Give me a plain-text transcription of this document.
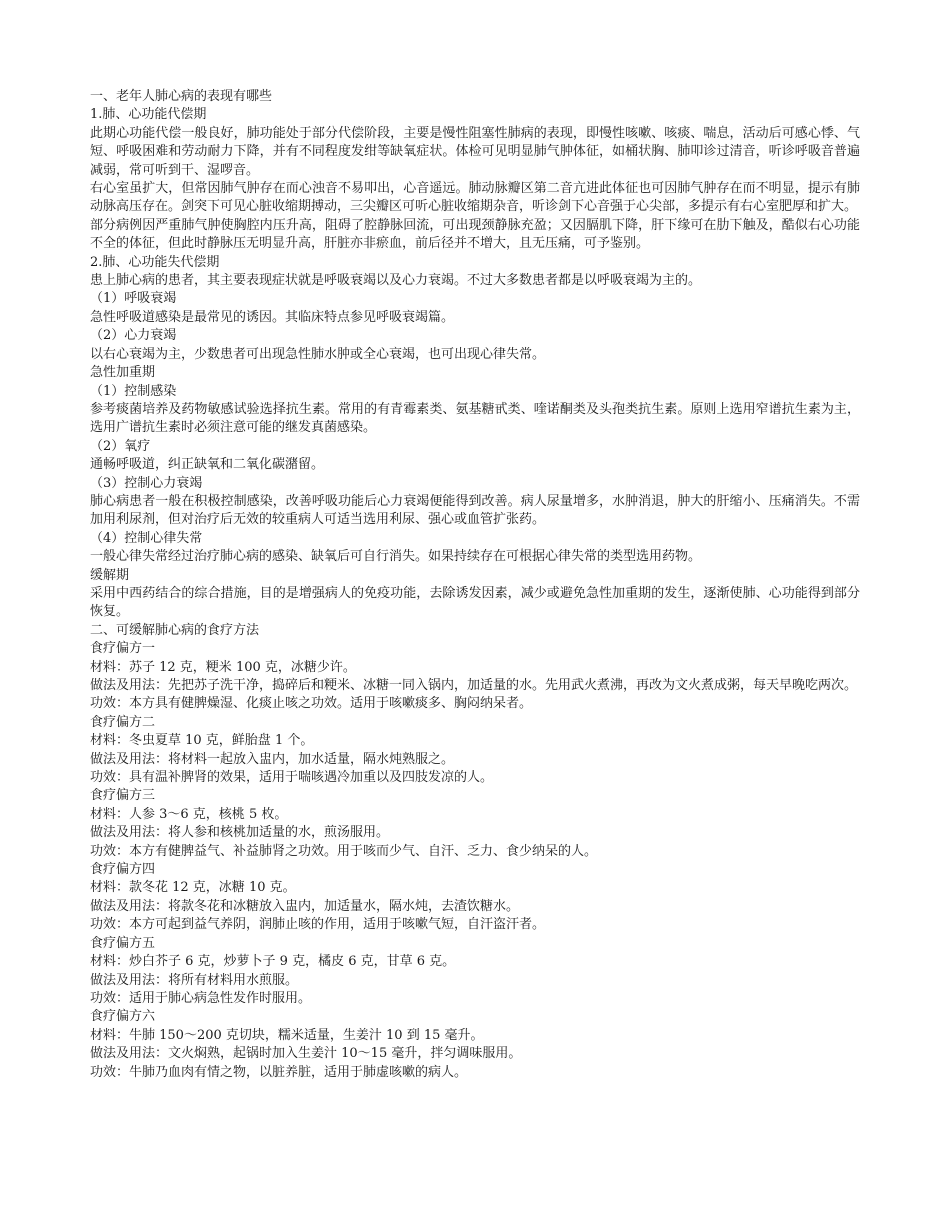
一、老年人肺心病的表现有哪些
1.肺、心功能代偿期
此期心功能代偿一般良好，肺功能处于部分代偿阶段，主要是慢性阻塞性肺病的表现，即慢性咳嗽、咳痰、喘息，活动后可感心悸、气短、呼吸困难和劳动耐力下降，并有不同程度发绀等缺氧症状。体检可见明显肺气肿体征，如桶状胸、肺叩诊过清音，听诊呼吸音普遍减弱，常可听到干、湿啰音。
右心室虽扩大，但常因肺气肿存在而心浊音不易叩出，心音遥远。肺动脉瓣区第二音亢进此体征也可因肺气肿存在而不明显，提示有肺动脉高压存在。剑突下可见心脏收缩期搏动，三尖瓣区可听心脏收缩期杂音，听诊剑下心音强于心尖部，多提示有右心室肥厚和扩大。
部分病例因严重肺气肿使胸腔内压升高，阻碍了腔静脉回流，可出现颈静脉充盈；又因膈肌下降，肝下缘可在肋下触及，酷似右心功能不全的体征，但此时静脉压无明显升高，肝脏亦非瘀血，前后径并不增大，且无压痛，可予鉴别。
2.肺、心功能失代偿期
患上肺心病的患者，其主要表现症状就是呼吸衰竭以及心力衰竭。不过大多数患者都是以呼吸衰竭为主的。
（1）呼吸衰竭
急性呼吸道感染是最常见的诱因。其临床特点参见呼吸衰竭篇。
（2）心力衰竭
以右心衰竭为主，少数患者可出现急性肺水肿或全心衰竭，也可出现心律失常。
急性加重期
（1）控制感染
参考痰菌培养及药物敏感试验选择抗生素。常用的有青霉素类、氨基糖甙类、喹诺酮类及头孢类抗生素。原则上选用窄谱抗生素为主，选用广谱抗生素时必须注意可能的继发真菌感染。
（2）氧疗
通畅呼吸道，纠正缺氧和二氧化碳潴留。
（3）控制心力衰竭
肺心病患者一般在积极控制感染，改善呼吸功能后心力衰竭便能得到改善。病人尿量增多，水肿消退，肿大的肝缩小、压痛消失。不需加用利尿剂，但对治疗后无效的较重病人可适当选用利尿、强心或血管扩张药。
（4）控制心律失常
一般心律失常经过治疗肺心病的感染、缺氧后可自行消失。如果持续存在可根据心律失常的类型选用药物。
缓解期
采用中西药结合的综合措施，目的是增强病人的免疫功能，去除诱发因素，减少或避免急性加重期的发生，逐渐使肺、心功能得到部分恢复。
二、可缓解肺心病的食疗方法
食疗偏方一
材料：苏子 12 克，粳米 100 克，冰糖少许。
做法及用法：先把苏子洗干净，捣碎后和粳米、冰糖一同入锅内，加适量的水。先用武火煮沸，再改为文火煮成粥，每天早晚吃两次。
功效：本方具有健脾燥湿、化痰止咳之功效。适用于咳嗽痰多、胸闷纳呆者。
食疗偏方二
材料：冬虫夏草 10 克，鲜胎盘 1 个。
做法及用法：将材料一起放入盅内，加水适量，隔水炖熟服之。
功效：具有温补脾肾的效果，适用于喘咳遇冷加重以及四肢发凉的人。
食疗偏方三
材料：人参 3～6 克，核桃 5 枚。
做法及用法：将人参和核桃加适量的水，煎汤服用。
功效：本方有健脾益气、补益肺肾之功效。用于咳而少气、自汗、乏力、食少纳呆的人。
食疗偏方四
材料：款冬花 12 克，冰糖 10 克。
做法及用法：将款冬花和冰糖放入盅内，加适量水，隔水炖，去渣饮糖水。
功效：本方可起到益气养阴，润肺止咳的作用，适用于咳嗽气短，自汗盗汗者。
食疗偏方五
材料：炒白芥子 6 克，炒萝卜子 9 克，橘皮 6 克，甘草 6 克。
做法及用法：将所有材料用水煎服。
功效：适用于肺心病急性发作时服用。
食疗偏方六
材料：牛肺 150～200 克切块，糯米适量，生姜汁 10 到 15 毫升。
做法及用法：文火焖熟，起锅时加入生姜汁 10～15 毫升，拌匀调味服用。
功效：牛肺乃血肉有情之物，以脏养脏，适用于肺虚咳嗽的病人。
